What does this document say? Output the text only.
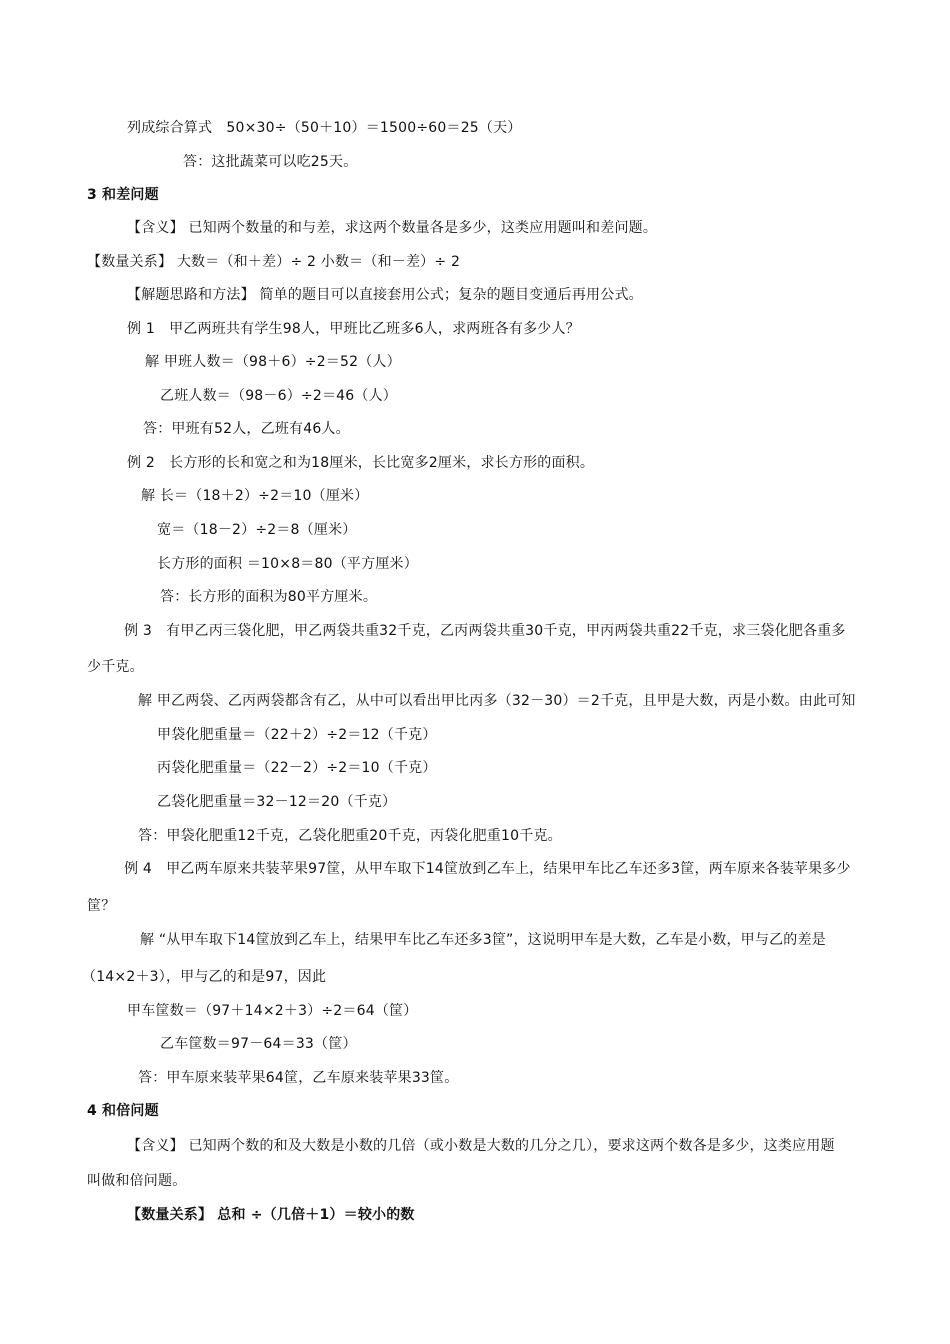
列成综合算式　50×30÷（50＋10）＝1500÷60＝25（天）
答：这批蔬菜可以吃25天。
3 和差问题
【含义】 已知两个数量的和与差，求这两个数量各是多少，这类应用题叫和差问题。
【数量关系】 大数＝（和＋差）÷ 2 小数＝（和－差）÷ 2
【解题思路和方法】 简单的题目可以直接套用公式；复杂的题目变通后再用公式。
例 1　甲乙两班共有学生98人，甲班比乙班多6人，求两班各有多少人？
解 甲班人数＝（98＋6）÷2＝52（人）
乙班人数＝（98－6）÷2＝46（人）
答：甲班有52人，乙班有46人。
例 2　长方形的长和宽之和为18厘米，长比宽多2厘米，求长方形的面积。
解 长＝（18＋2）÷2＝10（厘米）
宽＝（18－2）÷2＝8（厘米）
长方形的面积 ＝10×8＝80（平方厘米）
答：长方形的面积为80平方厘米。
例 3　有甲乙丙三袋化肥，甲乙两袋共重32千克，乙丙两袋共重30千克，甲丙两袋共重22千克，求三袋化肥各重多
少千克。
解 甲乙两袋、乙丙两袋都含有乙，从中可以看出甲比丙多（32－30）＝2千克，且甲是大数，丙是小数。由此可知
甲袋化肥重量＝（22＋2）÷2＝12（千克）
丙袋化肥重量＝（22－2）÷2＝10（千克）
乙袋化肥重量＝32－12＝20（千克）
答：甲袋化肥重12千克，乙袋化肥重20千克，丙袋化肥重10千克。
例 4　甲乙两车原来共装苹果97筐，从甲车取下14筐放到乙车上，结果甲车比乙车还多3筐，两车原来各装苹果多少
筐？
解 “从甲车取下14筐放到乙车上，结果甲车比乙车还多3筐”，这说明甲车是大数，乙车是小数，甲与乙的差是
（14×2＋3），甲与乙的和是97，因此
甲车筐数＝（97＋14×2＋3）÷2＝64（筐）
乙车筐数＝97－64＝33（筐）
答：甲车原来装苹果64筐，乙车原来装苹果33筐。
4 和倍问题
【含义】 已知两个数的和及大数是小数的几倍（或小数是大数的几分之几），要求这两个数各是多少，这类应用题
叫做和倍问题。
【数量关系】 总和 ÷（几倍＋1）＝较小的数
